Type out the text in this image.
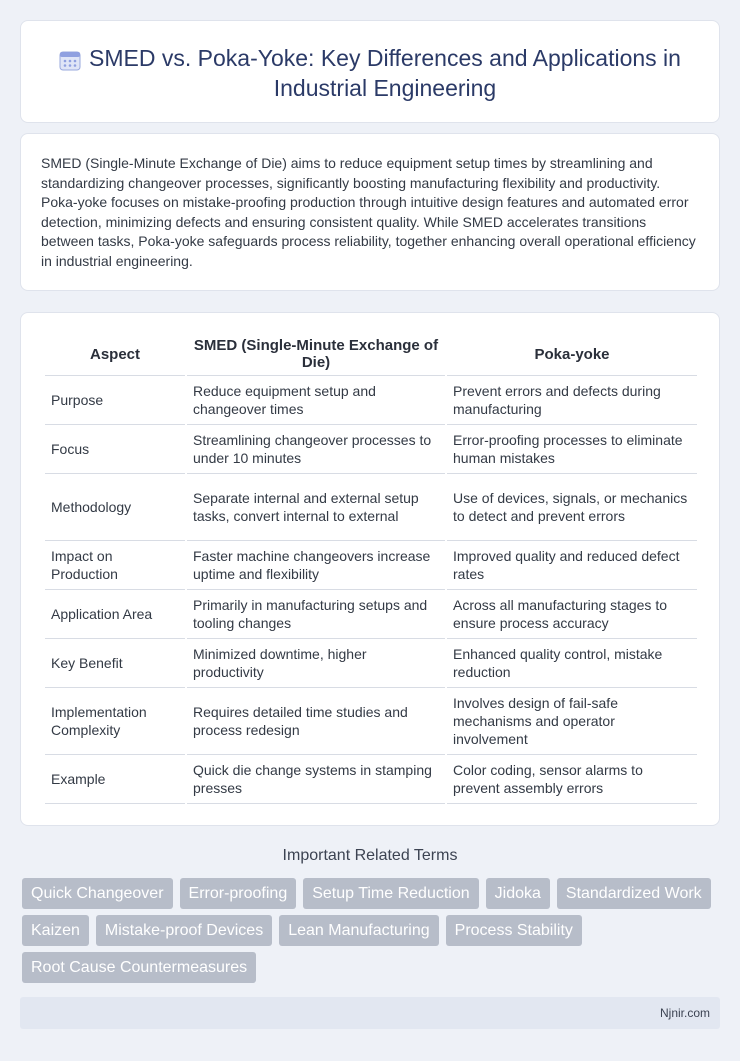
SMED vs. Poka-Yoke: Key Differences and Applications in Industrial Engineering

SMED (Single-Minute Exchange of Die) aims to reduce equipment setup times by streamlining and standardizing changeover processes, significantly boosting manufacturing flexibility and productivity. Poka-yoke focuses on mistake-proofing production through intuitive design features and automated error detection, minimizing defects and ensuring consistent quality. While SMED accelerates transitions between tasks, Poka-yoke safeguards process reliability, together enhancing overall operational efficiency in industrial engineering.

Aspect	SMED (Single-Minute Exchange of Die)	Poka-yoke
Purpose	Reduce equipment setup and changeover times	Prevent errors and defects during manufacturing
Focus	Streamlining changeover processes to under 10 minutes	Error-proofing processes to eliminate human mistakes
Methodology	Separate internal and external setup tasks, convert internal to external	Use of devices, signals, or mechanics to detect and prevent errors
Impact on Production	Faster machine changeovers increase uptime and flexibility	Improved quality and reduced defect rates
Application Area	Primarily in manufacturing setups and tooling changes	Across all manufacturing stages to ensure process accuracy
Key Benefit	Minimized downtime, higher productivity	Enhanced quality control, mistake reduction
Implementation Complexity	Requires detailed time studies and process redesign	Involves design of fail-safe mechanisms and operator involvement
Example	Quick die change systems in stamping presses	Color coding, sensor alarms to prevent assembly errors
Important Related Terms
Quick Changeover	Error-proofing	Setup Time Reduction	Jidoka	Standardized Work
Kaizen	Mistake-proof Devices	Lean Manufacturing	Process Stability
Root Cause Countermeasures
Njnir.com
